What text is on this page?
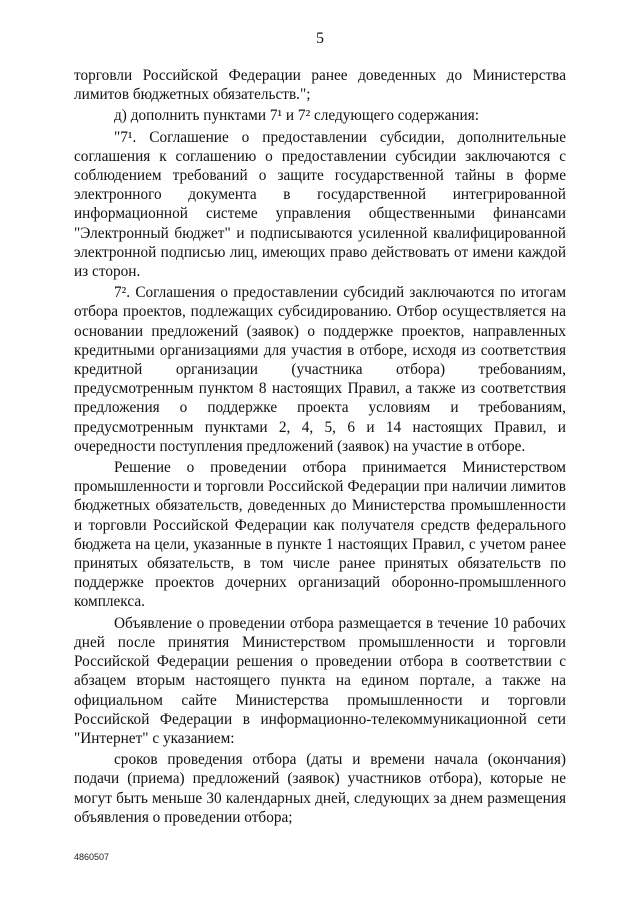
5

торговли Российской Федерации ранее доведенных до Министерства лимитов бюджетных обязательств.";

д) дополнить пунктами 7¹ и 7² следующего содержания:

"7¹. Соглашение о предоставлении субсидии, дополнительные соглашения к соглашению о предоставлении субсидии заключаются с соблюдением требований о защите государственной тайны в форме электронного документа в государственной интегрированной информационной системе управления общественными финансами "Электронный бюджет" и подписываются усиленной квалифицированной электронной подписью лиц, имеющих право действовать от имени каждой из сторон.

7². Соглашения о предоставлении субсидий заключаются по итогам отбора проектов, подлежащих субсидированию. Отбор осуществляется на основании предложений (заявок) о поддержке проектов, направленных кредитными организациями для участия в отборе, исходя из соответствия кредитной организации (участника отбора) требованиям, предусмотренным пунктом 8 настоящих Правил, а также из соответствия предложения о поддержке проекта условиям и требованиям, предусмотренным пунктами 2, 4, 5, 6 и 14 настоящих Правил, и очередности поступления предложений (заявок) на участие в отборе.

Решение о проведении отбора принимается Министерством промышленности и торговли Российской Федерации при наличии лимитов бюджетных обязательств, доведенных до Министерства промышленности и торговли Российской Федерации как получателя средств федерального бюджета на цели, указанные в пункте 1 настоящих Правил, с учетом ранее принятых обязательств, в том числе ранее принятых обязательств по поддержке проектов дочерних организаций оборонно-промышленного комплекса.

Объявление о проведении отбора размещается в течение 10 рабочих дней после принятия Министерством промышленности и торговли Российской Федерации решения о проведении отбора в соответствии с абзацем вторым настоящего пункта на едином портале, а также на официальном сайте Министерства промышленности и торговли Российской Федерации в информационно-телекоммуникационной сети "Интернет" с указанием:

сроков проведения отбора (даты и времени начала (окончания) подачи (приема) предложений (заявок) участников отбора), которые не могут быть меньше 30 календарных дней, следующих за днем размещения объявления о проведении отбора;

4860507
